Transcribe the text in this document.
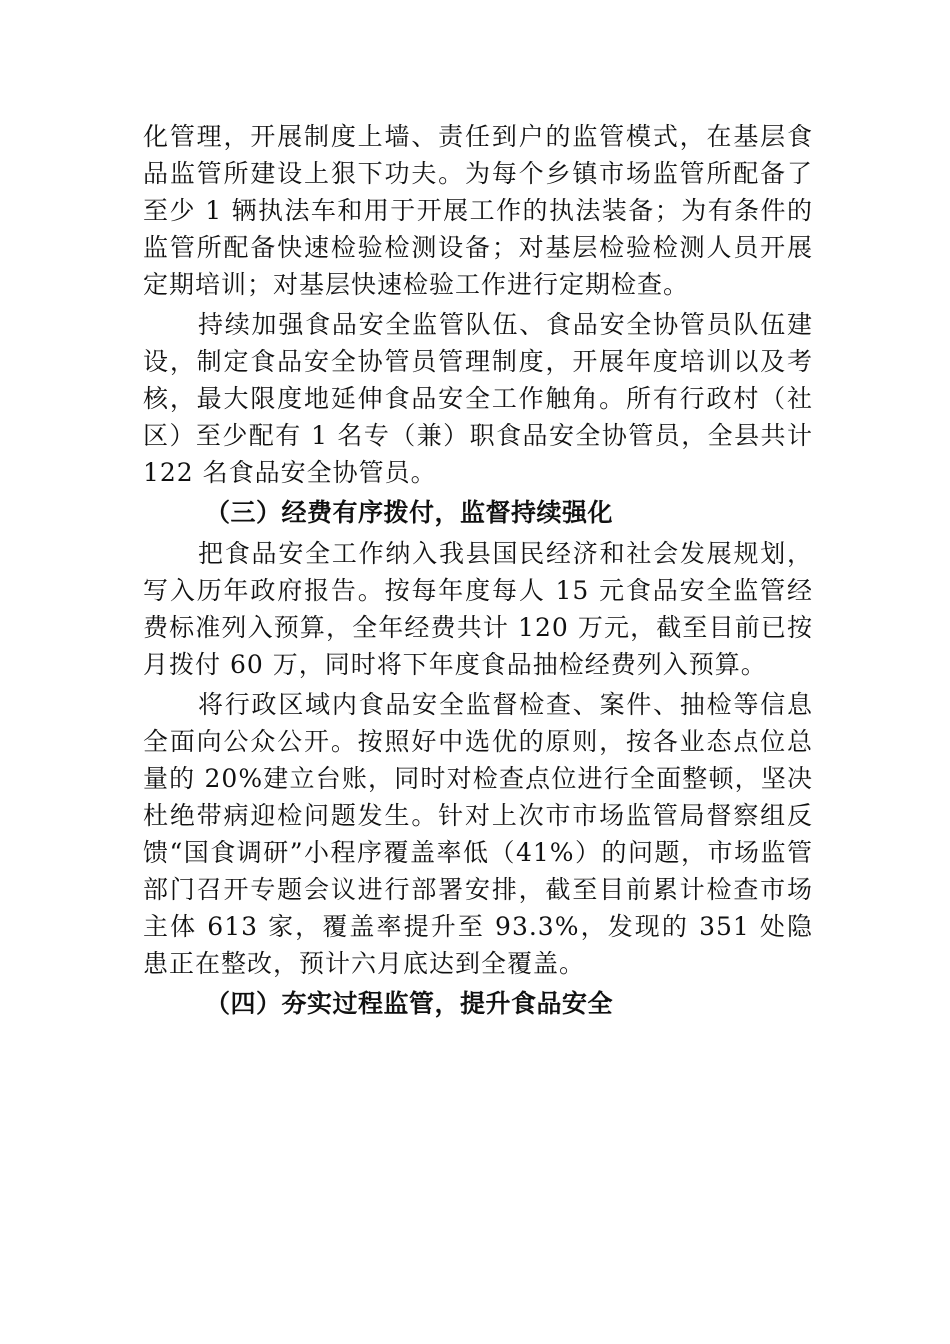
化管理，开展制度上墙、责任到户的监管模式，在基层食品监管所建设上狠下功夫。为每个乡镇市场监管所配备了至少 1 辆执法车和用于开展工作的执法装备；为有条件的监管所配备快速检验检测设备；对基层检验检测人员开展定期培训；对基层快速检验工作进行定期检查。

持续加强食品安全监管队伍、食品安全协管员队伍建设，制定食品安全协管员管理制度，开展年度培训以及考核，最大限度地延伸食品安全工作触角。所有行政村（社区）至少配有 1 名专（兼）职食品安全协管员，全县共计 122 名食品安全协管员。

（三）经费有序拨付，监督持续强化

把食品安全工作纳入我县国民经济和社会发展规划，写入历年政府报告。按每年度每人 15 元食品安全监管经费标准列入预算，全年经费共计 120 万元，截至目前已按月拨付 60 万，同时将下年度食品抽检经费列入预算。

将行政区域内食品安全监督检查、案件、抽检等信息全面向公众公开。按照好中选优的原则，按各业态点位总量的 20%建立台账，同时对检查点位进行全面整顿，坚决杜绝带病迎检问题发生。针对上次市市场监管局督察组反馈“国食调研”小程序覆盖率低（41%）的问题，市场监管部门召开专题会议进行部署安排，截至目前累计检查市场主体 613 家，覆盖率提升至 93.3%，发现的 351 处隐患正在整改，预计六月底达到全覆盖。

（四）夯实过程监管，提升食品安全
